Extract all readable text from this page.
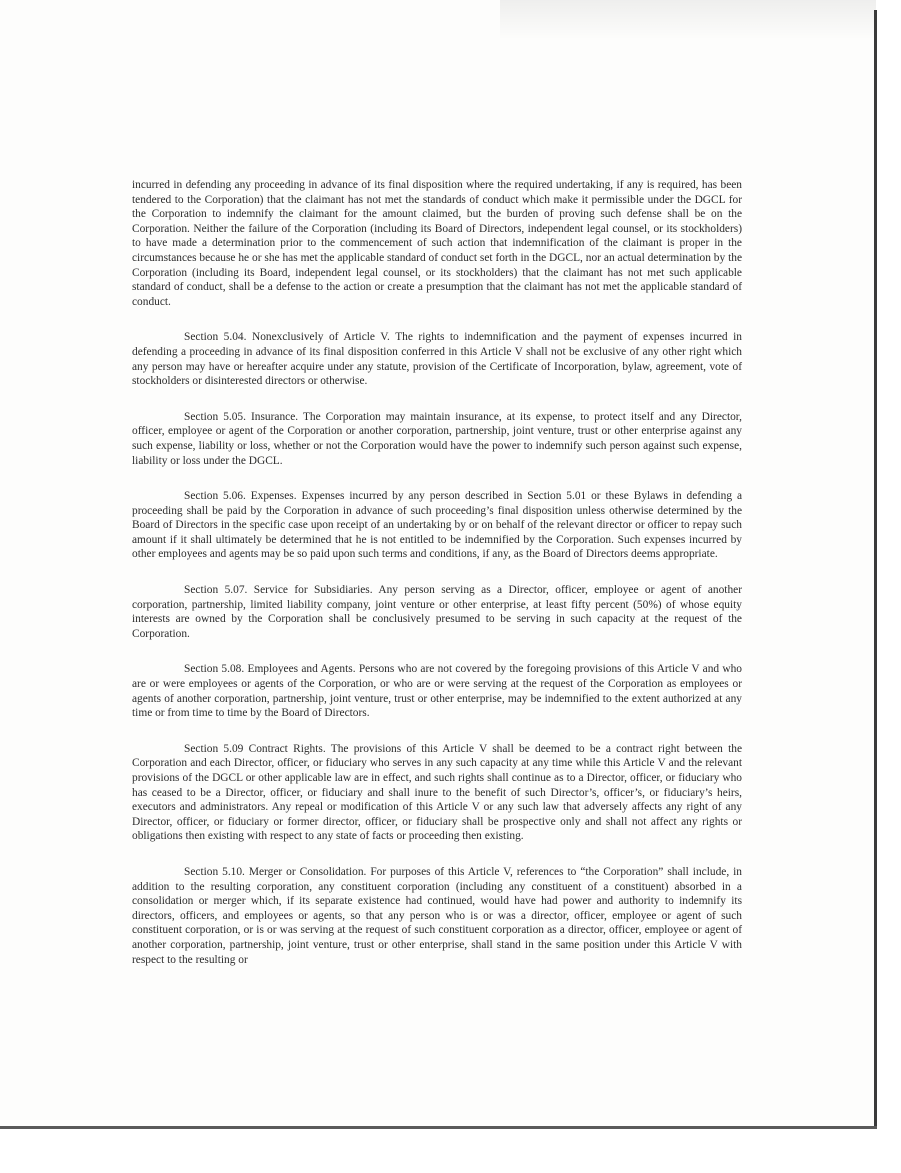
incurred in defending any proceeding in advance of its final disposition where the required undertaking, if any is required, has been tendered to the Corporation) that the claimant has not met the standards of conduct which make it permissible under the DGCL for the Corporation to indemnify the claimant for the amount claimed, but the burden of proving such defense shall be on the Corporation. Neither the failure of the Corporation (including its Board of Directors, independent legal counsel, or its stockholders) to have made a determination prior to the commencement of such action that indemnification of the claimant is proper in the circumstances because he or she has met the applicable standard of conduct set forth in the DGCL, nor an actual determination by the Corporation (including its Board, independent legal counsel, or its stockholders) that the claimant has not met such applicable standard of conduct, shall be a defense to the action or create a presumption that the claimant has not met the applicable standard of conduct.

Section 5.04. Nonexclusively of Article V. The rights to indemnification and the payment of expenses incurred in defending a proceeding in advance of its final disposition conferred in this Article V shall not be exclusive of any other right which any person may have or hereafter acquire under any statute, provision of the Certificate of Incorporation, bylaw, agreement, vote of stockholders or disinterested directors or otherwise.

Section 5.05. Insurance. The Corporation may maintain insurance, at its expense, to protect itself and any Director, officer, employee or agent of the Corporation or another corporation, partnership, joint venture, trust or other enterprise against any such expense, liability or loss, whether or not the Corporation would have the power to indemnify such person against such expense, liability or loss under the DGCL.

Section 5.06. Expenses. Expenses incurred by any person described in Section 5.01 or these Bylaws in defending a proceeding shall be paid by the Corporation in advance of such proceeding’s final disposition unless otherwise determined by the Board of Directors in the specific case upon receipt of an undertaking by or on behalf of the relevant director or officer to repay such amount if it shall ultimately be determined that he is not entitled to be indemnified by the Corporation. Such expenses incurred by other employees and agents may be so paid upon such terms and conditions, if any, as the Board of Directors deems appropriate.

Section 5.07. Service for Subsidiaries. Any person serving as a Director, officer, employee or agent of another corporation, partnership, limited liability company, joint venture or other enterprise, at least fifty percent (50%) of whose equity interests are owned by the Corporation shall be conclusively presumed to be serving in such capacity at the request of the Corporation.

Section 5.08. Employees and Agents. Persons who are not covered by the foregoing provisions of this Article V and who are or were employees or agents of the Corporation, or who are or were serving at the request of the Corporation as employees or agents of another corporation, partnership, joint venture, trust or other enterprise, may be indemnified to the extent authorized at any time or from time to time by the Board of Directors.

Section 5.09 Contract Rights. The provisions of this Article V shall be deemed to be a contract right between the Corporation and each Director, officer, or fiduciary who serves in any such capacity at any time while this Article V and the relevant provisions of the DGCL or other applicable law are in effect, and such rights shall continue as to a Director, officer, or fiduciary who has ceased to be a Director, officer, or fiduciary and shall inure to the benefit of such Director’s, officer’s, or fiduciary’s heirs, executors and administrators. Any repeal or modification of this Article V or any such law that adversely affects any right of any Director, officer, or fiduciary or former director, officer, or fiduciary shall be prospective only and shall not affect any rights or obligations then existing with respect to any state of facts or proceeding then existing.

Section 5.10. Merger or Consolidation. For purposes of this Article V, references to “the Corporation” shall include, in addition to the resulting corporation, any constituent corporation (including any constituent of a constituent) absorbed in a consolidation or merger which, if its separate existence had continued, would have had power and authority to indemnify its directors, officers, and employees or agents, so that any person who is or was a director, officer, employee or agent of such constituent corporation, or is or was serving at the request of such constituent corporation as a director, officer, employee or agent of another corporation, partnership, joint venture, trust or other enterprise, shall stand in the same position under this Article V with respect to the resulting or
